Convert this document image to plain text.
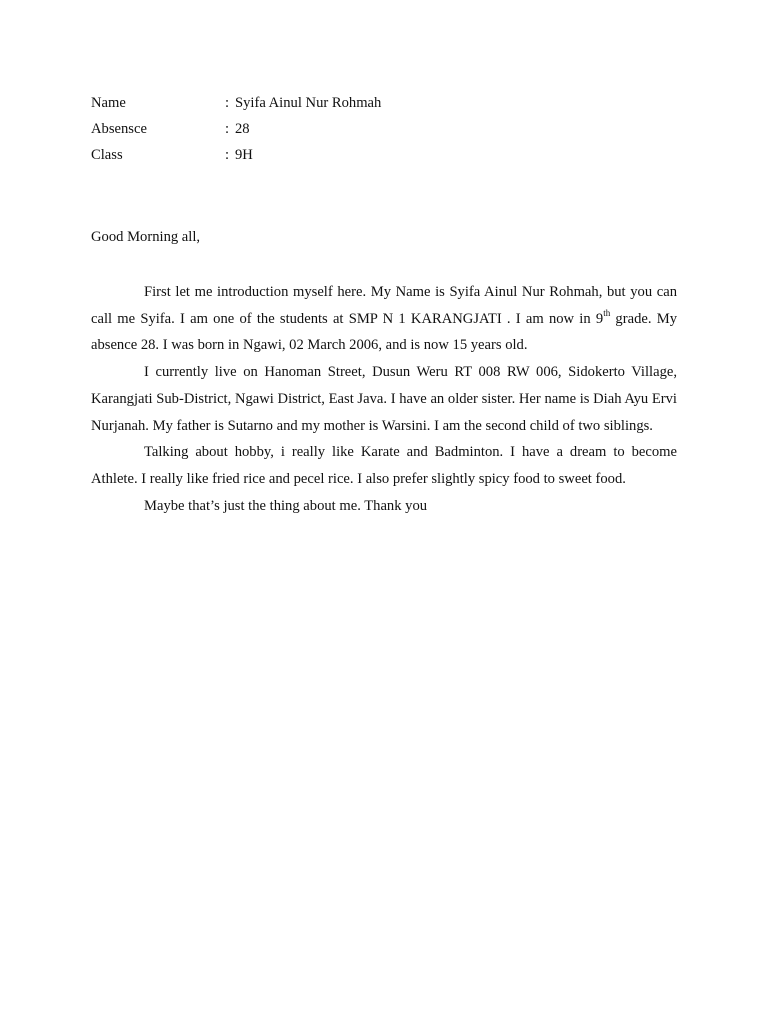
Name	: Syifa Ainul Nur Rohmah
Absensce	: 28
Class	: 9H
Good Morning all,

First let me introduction myself here. My Name is Syifa Ainul Nur Rohmah, but you can call me Syifa. I am one of the students at SMP N 1 KARANGJATI . I am now in 9th grade. My absence 28. I was born in Ngawi, 02 March 2006, and is now 15 years old.

I currently live on Hanoman Street, Dusun Weru RT 008 RW 006, Sidokerto Village, Karangjati Sub-District, Ngawi District, East Java. I have an older sister. Her name is Diah Ayu Ervi Nurjanah. My father is Sutarno and my mother is Warsini. I am the second child of two siblings.

Talking about hobby, i really like Karate and Badminton. I have a dream to become Athlete. I really like fried rice and pecel rice. I also prefer slightly spicy food to sweet food.

Maybe that’s just the thing about me. Thank you
